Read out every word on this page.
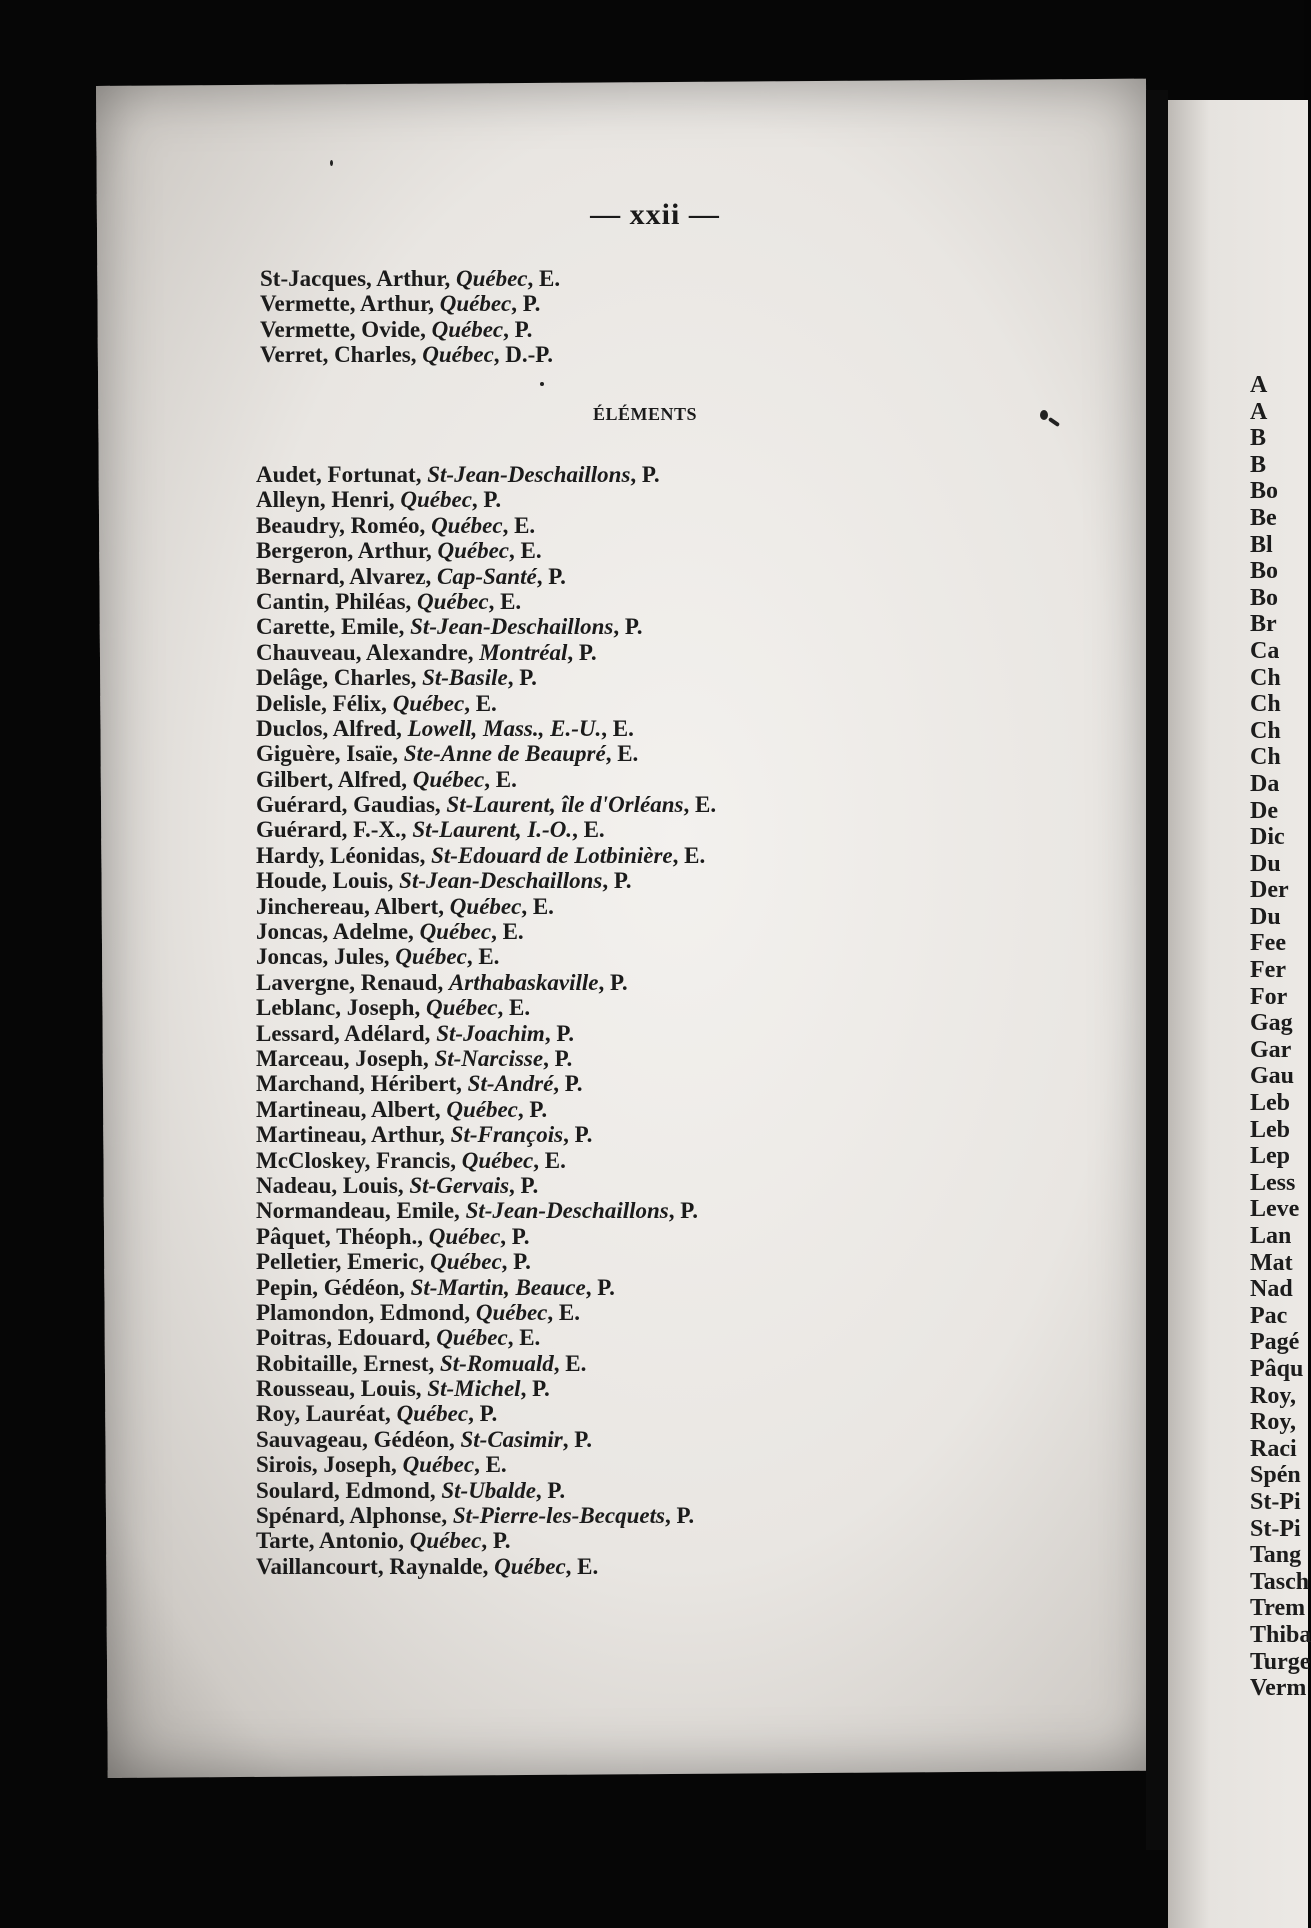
A
A
B
B
Bo
Be
Bl
Bo
Bo
Br
Ca
Ch
Ch
Ch
Ch
Da
De
Dic
Du
Der
Du
Fee
Fer
For
Gag
Gar
Gau
Leb
Leb
Lep
Less
Leve
Lan
Mat
Nad
Pac
Pagé
Pâqu
Roy,
Roy,
Raci
Spén
St-Pi
St-Pi
Tang
Tasch
Trem
Thiba
Turge
Verm
— xxii —
St-Jacques, Arthur, Québec, E.
Vermette, Arthur, Québec, P.
Vermette, Ovide, Québec, P.
Verret, Charles, Québec, D.-P.
ÉLÉMENTS
Audet, Fortunat, St-Jean-Deschaillons, P.
Alleyn, Henri, Québec, P.
Beaudry, Roméo, Québec, E.
Bergeron, Arthur, Québec, E.
Bernard, Alvarez, Cap-Santé, P.
Cantin, Philéas, Québec, E.
Carette, Emile, St-Jean-Deschaillons, P.
Chauveau, Alexandre, Montréal, P.
Delâge, Charles, St-Basile, P.
Delisle, Félix, Québec, E.
Duclos, Alfred, Lowell, Mass., E.-U., E.
Giguère, Isaïe, Ste-Anne de Beaupré, E.
Gilbert, Alfred, Québec, E.
Guérard, Gaudias, St-Laurent, île d'Orléans, E.
Guérard, F.-X., St-Laurent, I.-O., E.
Hardy, Léonidas, St-Edouard de Lotbinière, E.
Houde, Louis, St-Jean-Deschaillons, P.
Jinchereau, Albert, Québec, E.
Joncas, Adelme, Québec, E.
Joncas, Jules, Québec, E.
Lavergne, Renaud, Arthabaskaville, P.
Leblanc, Joseph, Québec, E.
Lessard, Adélard, St-Joachim, P.
Marceau, Joseph, St-Narcisse, P.
Marchand, Héribert, St-André, P.
Martineau, Albert, Québec, P.
Martineau, Arthur, St-François, P.
McCloskey, Francis, Québec, E.
Nadeau, Louis, St-Gervais, P.
Normandeau, Emile, St-Jean-Deschaillons, P.
Pâquet, Théoph., Québec, P.
Pelletier, Emeric, Québec, P.
Pepin, Gédéon, St-Martin, Beauce, P.
Plamondon, Edmond, Québec, E.
Poitras, Edouard, Québec, E.
Robitaille, Ernest, St-Romuald, E.
Rousseau, Louis, St-Michel, P.
Roy, Lauréat, Québec, P.
Sauvageau, Gédéon, St-Casimir, P.
Sirois, Joseph, Québec, E.
Soulard, Edmond, St-Ubalde, P.
Spénard, Alphonse, St-Pierre-les-Becquets, P.
Tarte, Antonio, Québec, P.
Vaillancourt, Raynalde, Québec, E.
